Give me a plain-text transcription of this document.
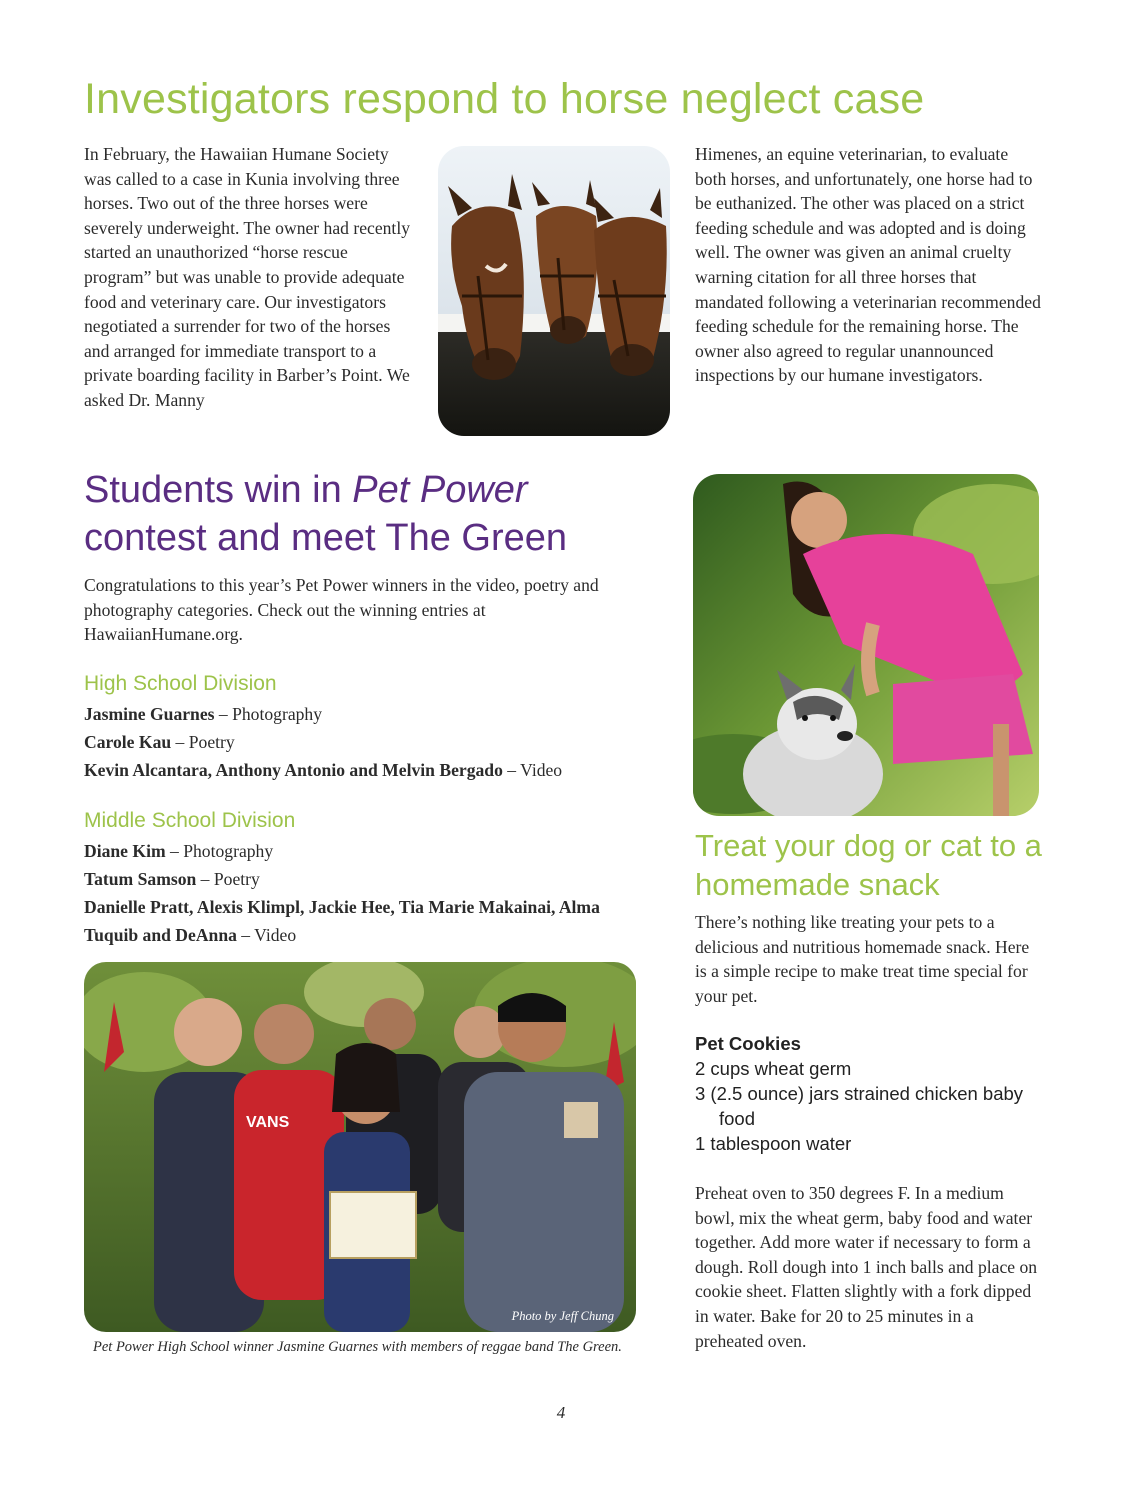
Investigators respond to horse neglect case

In February, the Hawaiian Humane Society was called to a case in Kunia involving three horses. Two out of the three horses were severely underweight. The owner had recently started an unauthorized “horse rescue program” but was unable to provide adequate food and veterinary care. Our investigators negotiated a surrender for two of the horses and arranged for immediate transport to a private boarding facility in Barber’s Point. We asked Dr. Manny

Himenes, an equine veterinarian, to evaluate both horses, and unfortunately, one horse had to be euthanized. The other was placed on a strict feeding schedule and was adopted and is doing well. The owner was given an animal cruelty warning citation for all three horses that mandated following a veterinarian recommended feeding schedule for the remaining horse. The owner also agreed to regular unannounced inspections by our humane investigators.

Students win in Pet Power
contest and meet The Green

Congratulations to this year’s Pet Power winners in the video, poetry and photography categories. Check out the winning entries at HawaiianHumane.org.

High School Division

Jasmine Guarnes – Photography

Carole Kau – Poetry

Kevin Alcantara, Anthony Antonio and Melvin Bergado – Video

Middle School Division

Diane Kim – Photography

Tatum Samson – Poetry

Danielle Pratt, Alexis Klimpl, Jackie Hee, Tia Marie Makainai, Alma Tuquib and DeAnna – Video

VANS
Photo by Jeff Chung

Pet Power High School winner Jasmine Guarnes with members of reggae band The Green.

Treat your dog or cat to a homemade snack

There’s nothing like treating your pets to a delicious and nutritious homemade snack. Here is a simple recipe to make treat time special for your pet.

Pet Cookies

2 cups wheat germ

3 (2.5 ounce) jars strained chicken baby food

1 tablespoon water

Preheat oven to 350 degrees F. In a medium bowl, mix the wheat germ, baby food and water together. Add more water if necessary to form a dough. Roll dough into 1 inch balls and place on cookie sheet. Flatten slightly with a fork dipped in water. Bake for 20 to 25 minutes in a preheated oven.

4
